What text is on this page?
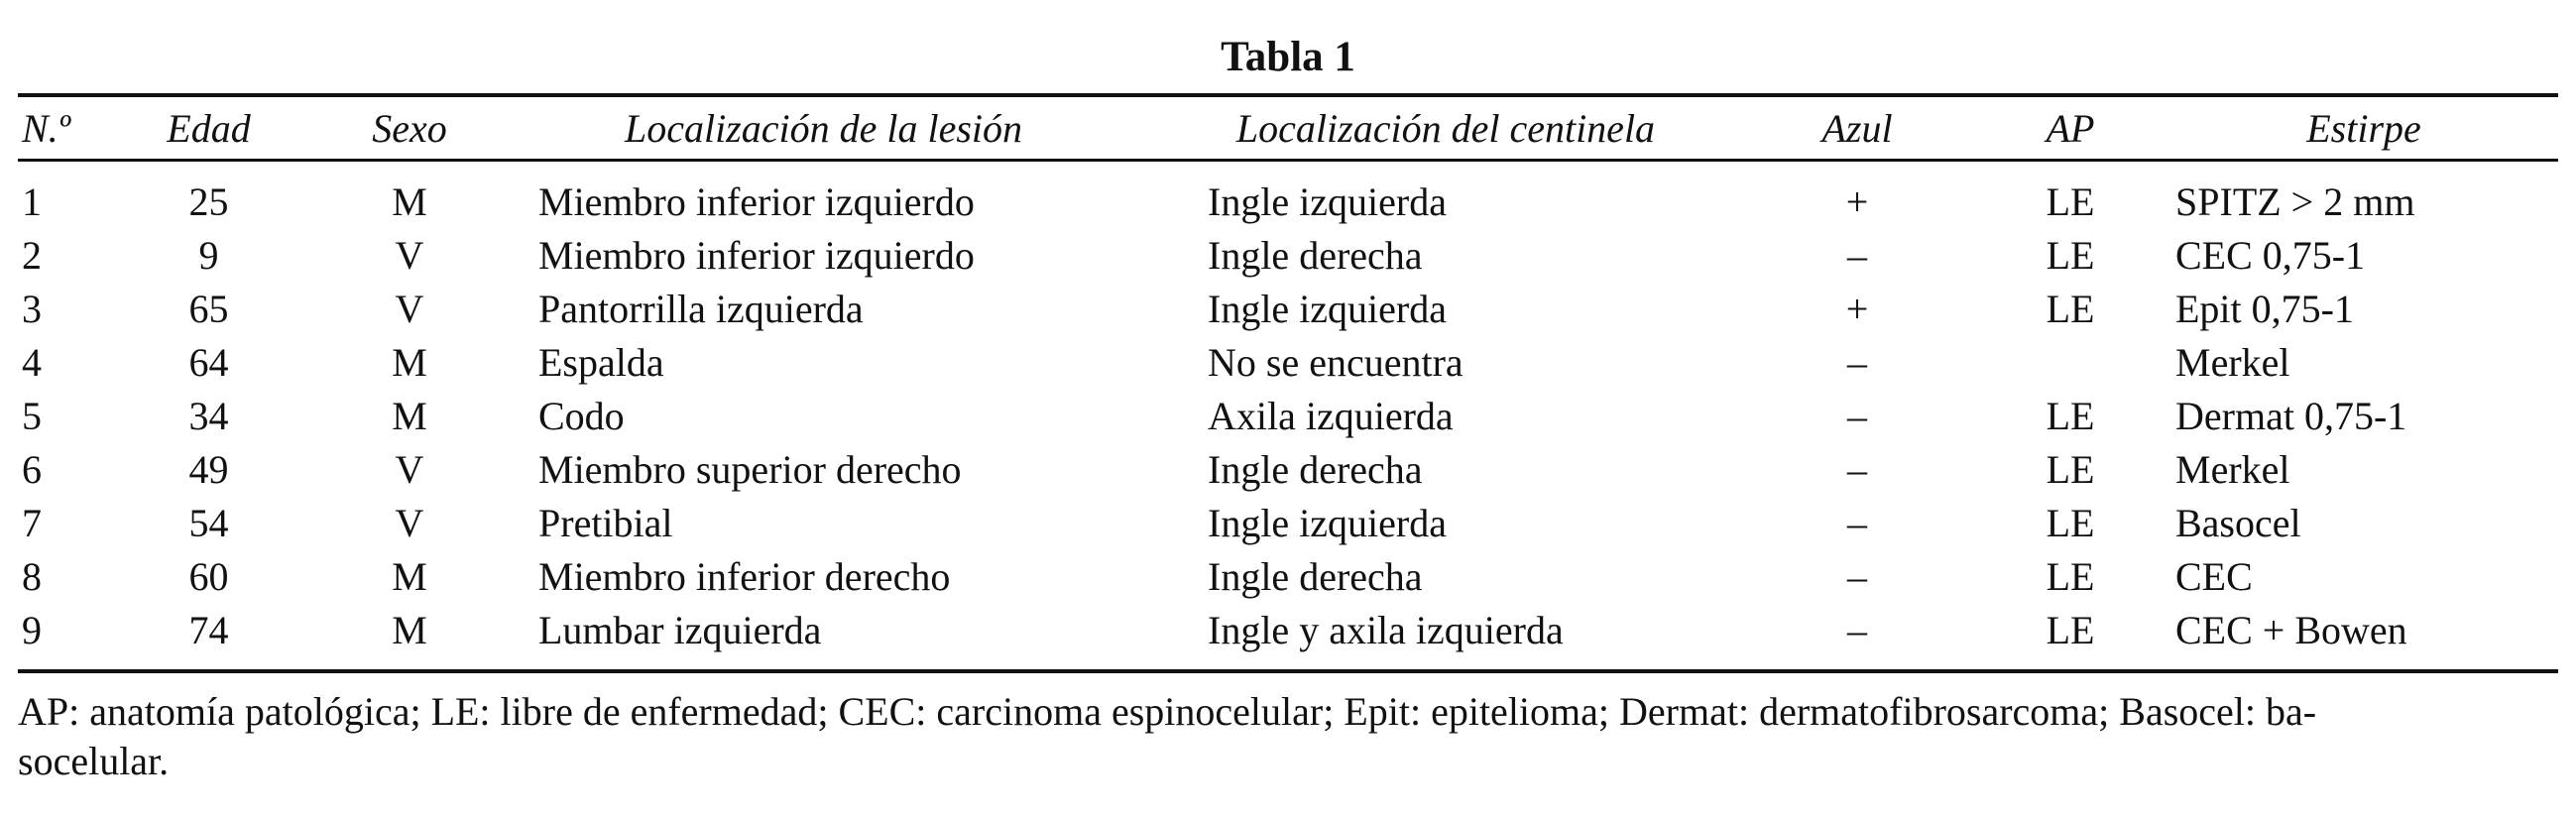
Tabla 1
N.º	Edad	Sexo	Localización de la lesión	Localización del centinela	Azul	AP	Estirpe
1	25	M	Miembro inferior izquierdo	Ingle izquierda	+	LE	SPITZ > 2 mm
2	9	V	Miembro inferior izquierdo	Ingle derecha	–	LE	CEC 0,75-1
3	65	V	Pantorrilla izquierda	Ingle izquierda	+	LE	Epit 0,75-1
4	64	M	Espalda	No se encuentra	–		Merkel
5	34	M	Codo	Axila izquierda	–	LE	Dermat 0,75-1
6	49	V	Miembro superior derecho	Ingle derecha	–	LE	Merkel
7	54	V	Pretibial	Ingle izquierda	–	LE	Basocel
8	60	M	Miembro inferior derecho	Ingle derecha	–	LE	CEC
9	74	M	Lumbar izquierda	Ingle y axila izquierda	–	LE	CEC + Bowen
AP: anatomía patológica; LE: libre de enfermedad; CEC: carcinoma espinocelular; Epit: epitelioma; Dermat: dermatofibrosarcoma; Basocel: ba-
socelular.
